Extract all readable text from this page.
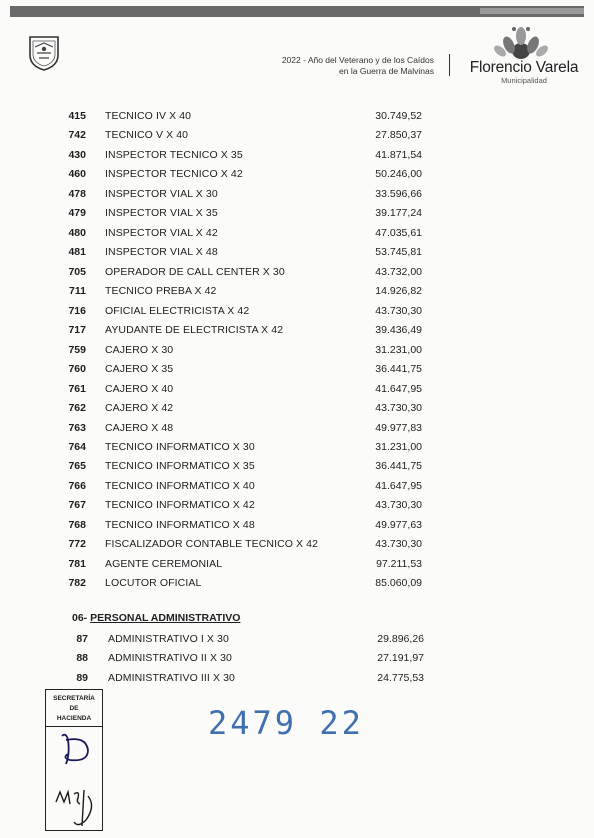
2022 - Año del Veterano y de los Caídos
en la Guerra de Malvinas	Florencio Varela
Municipalidad
415 TECNICO IV X 40	30.749,52
742 TECNICO V X 40	27.850,37
430 INSPECTOR TECNICO X 35	41.871,54
460 INSPECTOR TECNICO X 42	50.246,00
478 INSPECTOR VIAL X 30	33.596,66
479 INSPECTOR VIAL X 35	39.177,24
480 INSPECTOR VIAL X 42	47.035,61
481 INSPECTOR VIAL X 48	53.745,81
705 OPERADOR DE CALL CENTER X 30	43.732,00
711 TECNICO PREBA X 42	14.926,82
716 OFICIAL ELECTRICISTA X 42	43.730,30
717 AYUDANTE DE ELECTRICISTA X 42	39.436,49
759 CAJERO X 30	31.231,00
760 CAJERO X 35	36.441,75
761 CAJERO X 40	41.647,95
762 CAJERO X 42	43.730,30
763 CAJERO X 48	49.977,83
764 TECNICO INFORMATICO X 30	31.231,00
765 TECNICO INFORMATICO X 35	36.441,75
766 TECNICO INFORMATICO X 40	41.647,95
767 TECNICO INFORMATICO X 42	43.730,30
768 TECNICO INFORMATICO X 48	49.977,63
772 FISCALIZADOR CONTABLE TECNICO X 42	43.730,30
781 AGENTE CEREMONIAL	97.211,53
782 LOCUTOR OFICIAL	85.060,09
06- PERSONAL ADMINISTRATIVO
87 ADMINISTRATIVO I X 30	29.896,26
88 ADMINISTRATIVO II X 30	27.191,97
89 ADMINISTRATIVO III X 30	24.775,53
SECRETARÍA
DE
HACIENDA	2479 22
